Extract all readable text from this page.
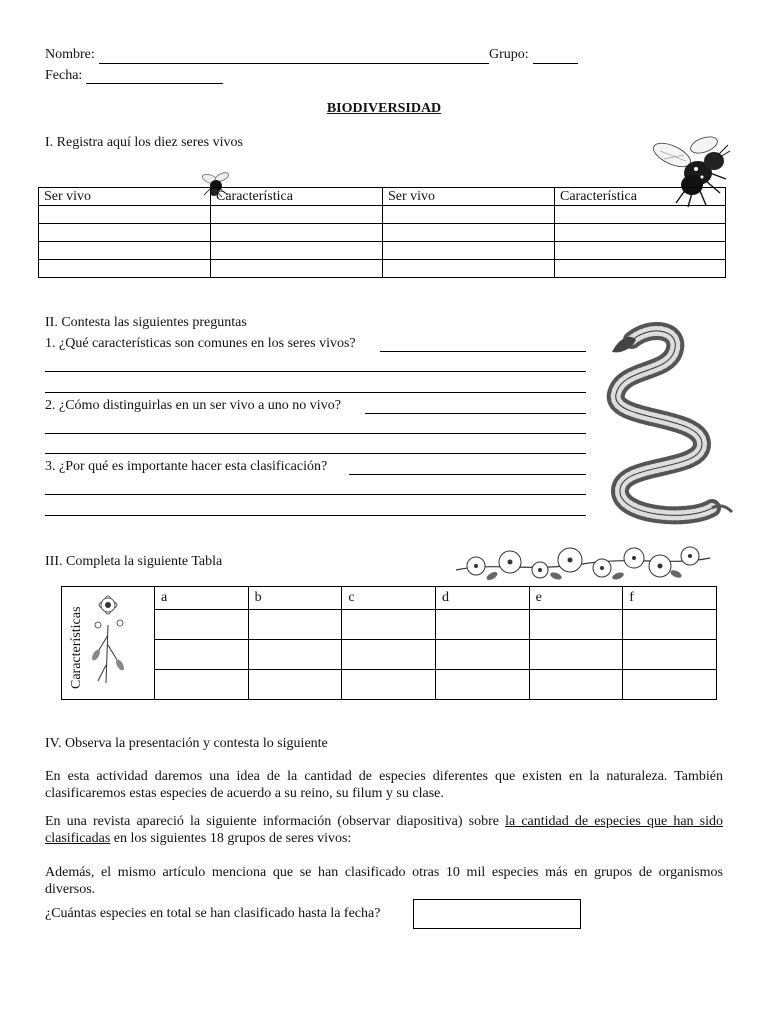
Nombre:	Grupo:
Fecha:
BIODIVERSIDAD
I. Registra aquí los diez seres vivos
Ser vivo	Característica	Ser vivo	Característica

II. Contesta las siguientes preguntas
1. ¿Qué características son comunes en los seres vivos?
2. ¿Cómo distinguirlas en un ser vivo a uno no vivo?
3. ¿Por qué es importante hacer esta clasificación?
III. Completa la siguiente Tabla
Características	a	b	c	d	e	f

IV. Observa la presentación y contesta lo siguiente
En esta actividad daremos una idea de la cantidad de especies diferentes que existen en la naturaleza. También clasificaremos estas especies de acuerdo a su reino, su filum y su clase.
En una revista apareció la siguiente información (observar diapositiva) sobre la cantidad de especies que han sido clasificadas en los siguientes 18 grupos de seres vivos:
Además, el mismo artículo menciona que se han clasificado otras 10 mil especies más en grupos de organismos diversos.
¿Cuántas especies en total se han clasificado hasta la fecha?
